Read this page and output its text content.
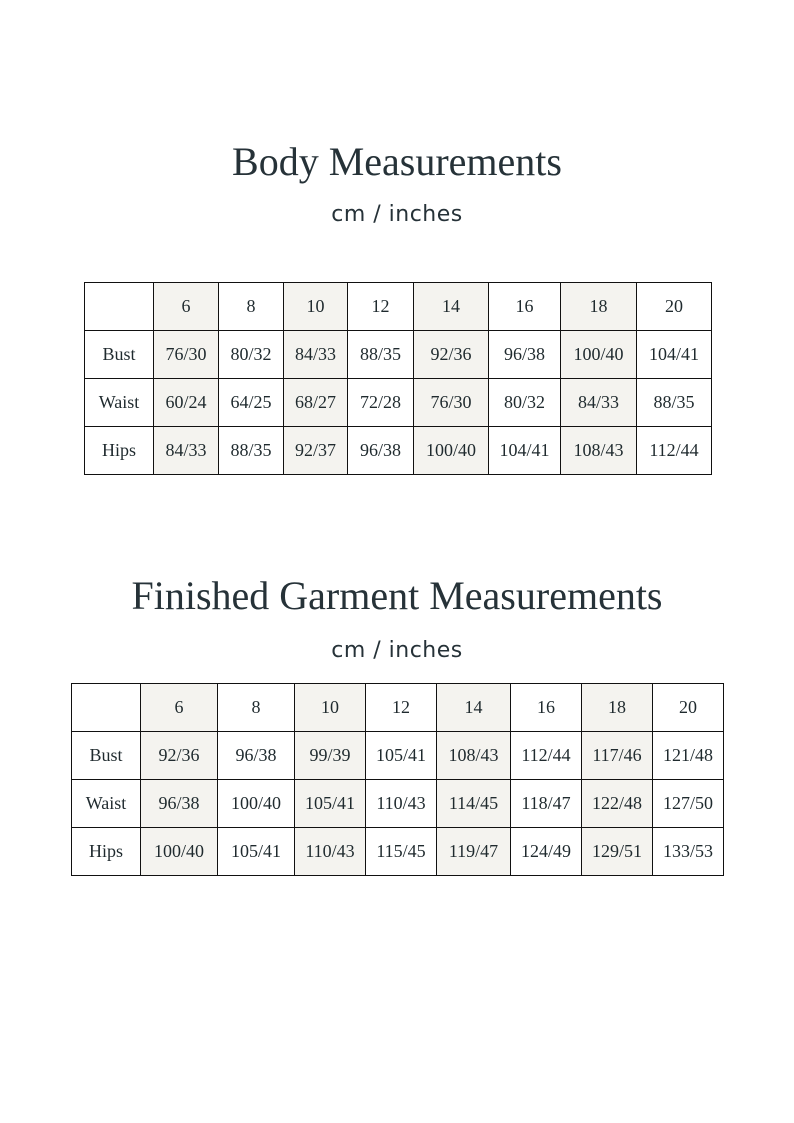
Body Measurements

cm / inches

	6	8	10	12	14	16	18	20
Bust	76/30	80/32	84/33	88/35	92/36	96/38	100/40	104/41
Waist	60/24	64/25	68/27	72/28	76/30	80/32	84/33	88/35
Hips	84/33	88/35	92/37	96/38	100/40	104/41	108/43	112/44
Finished Garment Measurements

cm / inches

	6	8	10	12	14	16	18	20
Bust	92/36	96/38	99/39	105/41	108/43	112/44	117/46	121/48
Waist	96/38	100/40	105/41	110/43	114/45	118/47	122/48	127/50
Hips	100/40	105/41	110/43	115/45	119/47	124/49	129/51	133/53
